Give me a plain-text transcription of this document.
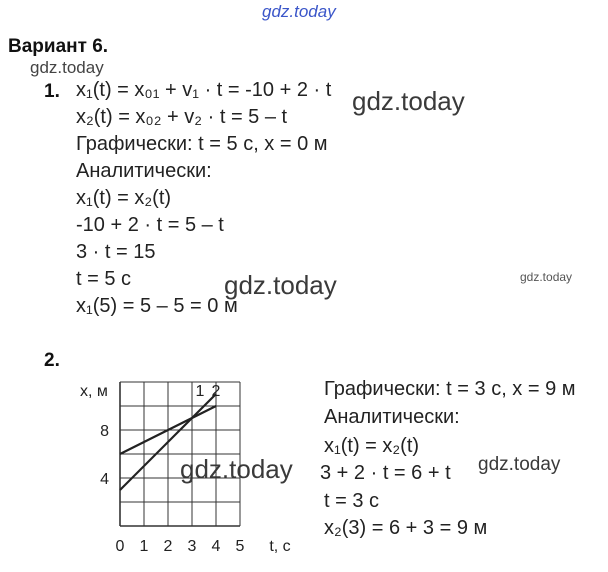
gdz.today
gdz.today
gdz.today
gdz.today	gdz.today
gdz.today	gdz.today
Вариант 6.
1. x₁(t) = x₀₁ + v₁ · t = -10 + 2 · t
x₂(t) = x₀₂ + v₂ · t = 5 – t
Графически: t = 5 с, x = 0 м
Аналитически:
x₁(t) = x₂(t)
-10 + 2 · t = 5 – t
3 · t = 15
t = 5 с
x₁(5) = 5 – 5 = 0 м
2.
1 2
0 1 2 3 4 5
4
8
t, с
x, м	Графически: t = 3 с, x = 9 м
Аналитически:
x₁(t) = x₂(t)
3 + 2 · t = 6 + t
t = 3 с
x₂(3) = 6 + 3 = 9 м
